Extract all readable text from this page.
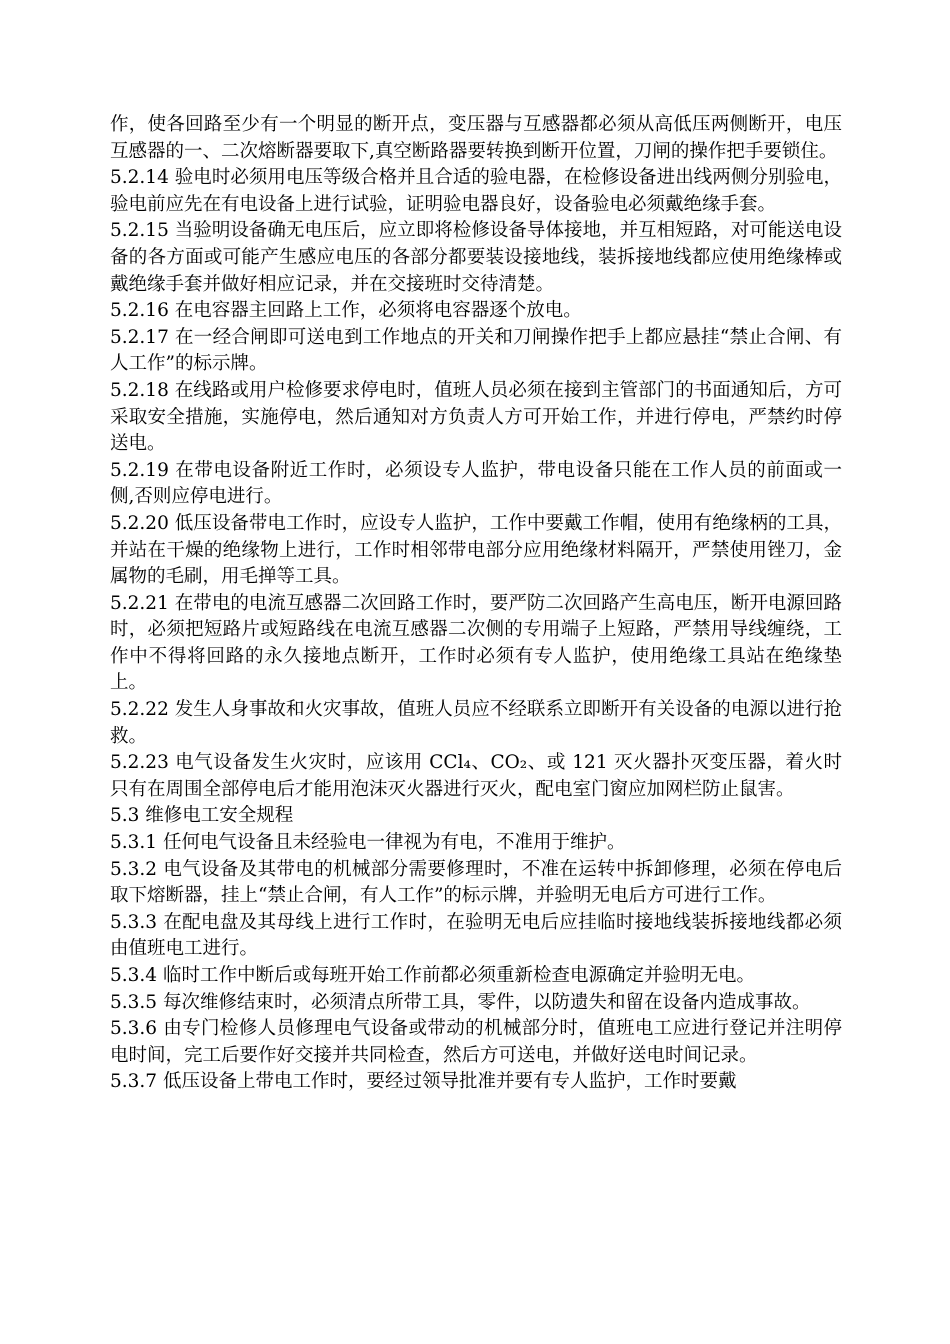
作，使各回路至少有一个明显的断开点，变压器与互感器都必须从高低压两侧断开，电压互感器的一、二次熔断器要取下,真空断路器要转换到断开位置，刀闸的操作把手要锁住。

5.2.14 验电时必须用电压等级合格并且合适的验电器，在检修设备进出线两侧分别验电，验电前应先在有电设备上进行试验，证明验电器良好，设备验电必须戴绝缘手套。

5.2.15 当验明设备确无电压后，应立即将检修设备导体接地，并互相短路，对可能送电设备的各方面或可能产生感应电压的各部分都要装设接地线，装拆接地线都应使用绝缘棒或戴绝缘手套并做好相应记录，并在交接班时交待清楚。

5.2.16 在电容器主回路上工作，必须将电容器逐个放电。

5.2.17 在一经合闸即可送电到工作地点的开关和刀闸操作把手上都应悬挂“禁止合闸、有人工作”的标示牌。

5.2.18 在线路或用户检修要求停电时，值班人员必须在接到主管部门的书面通知后，方可采取安全措施，实施停电，然后通知对方负责人方可开始工作，并进行停电，严禁约时停送电。

5.2.19 在带电设备附近工作时，必须设专人监护，带电设备只能在工作人员的前面或一侧,否则应停电进行。

5.2.20 低压设备带电工作时，应设专人监护，工作中要戴工作帽，使用有绝缘柄的工具，并站在干燥的绝缘物上进行，工作时相邻带电部分应用绝缘材料隔开，严禁使用锉刀，金属物的毛刷，用毛掸等工具。

5.2.21 在带电的电流互感器二次回路工作时，要严防二次回路产生高电压，断开电源回路时，必须把短路片或短路线在电流互感器二次侧的专用端子上短路，严禁用导线缠绕，工作中不得将回路的永久接地点断开，工作时必须有专人监护，使用绝缘工具站在绝缘垫上。

5.2.22 发生人身事故和火灾事故，值班人员应不经联系立即断开有关设备的电源以进行抢救。

5.2.23 电气设备发生火灾时，应该用 CCl₄、CO₂、或 121 灭火器扑灭变压器，着火时只有在周围全部停电后才能用泡沫灭火器进行灭火，配电室门窗应加网栏防止鼠害。

5.3 维修电工安全规程

5.3.1 任何电气设备且未经验电一律视为有电，不准用于维护。

5.3.2 电气设备及其带电的机械部分需要修理时，不准在运转中拆卸修理，必须在停电后取下熔断器，挂上“禁止合闸，有人工作”的标示牌，并验明无电后方可进行工作。

5.3.3 在配电盘及其母线上进行工作时，在验明无电后应挂临时接地线装拆接地线都必须由值班电工进行。

5.3.4 临时工作中断后或每班开始工作前都必须重新检查电源确定并验明无电。

5.3.5 每次维修结束时，必须清点所带工具，零件，以防遗失和留在设备内造成事故。

5.3.6 由专门检修人员修理电气设备或带动的机械部分时，值班电工应进行登记并注明停电时间，完工后要作好交接并共同检查，然后方可送电，并做好送电时间记录。

5.3.7 低压设备上带电工作时，要经过领导批准并要有专人监护，工作时要戴
